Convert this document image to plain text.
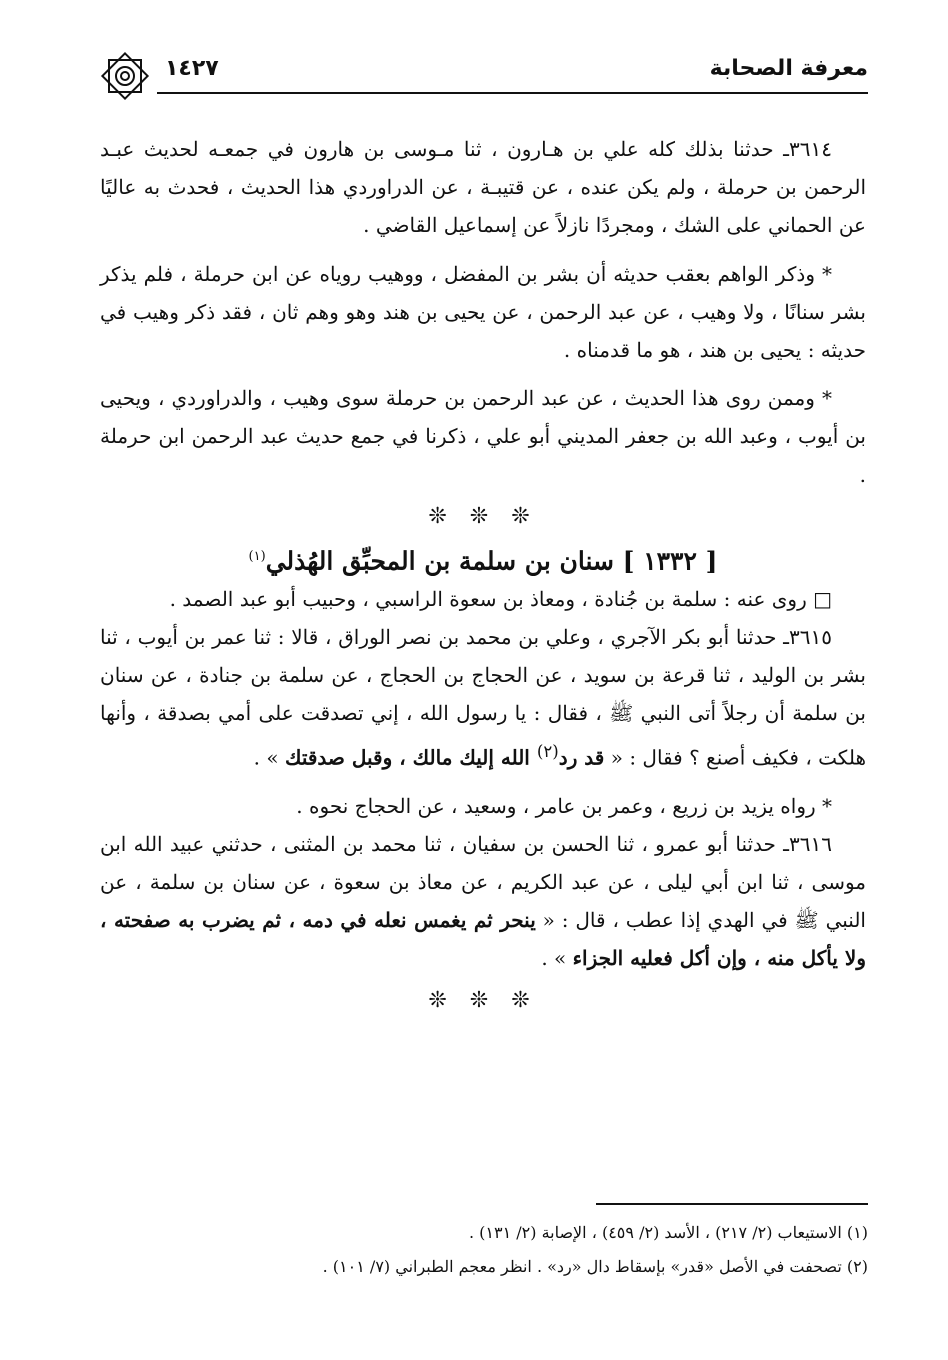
١٤٢٧	معرفة الصحابة

٣٦١٤ـ حدثنا بذلك كله علي بن هـارون ، ثنا مـوسى بن هارون في جمعـه لحديث عبـد الرحمن بن حرملة ، ولم يكن عنده ، عن قتيبـة ، عن الدراوردي هذا الحديث ، فحدث به عاليًا عن الحماني على الشك ، ومجردًا نازلاً عن إسماعيل القاضي .

* وذكر الواهم بعقب حديثه أن بشر بن المفضل ، ووهيب روياه عن ابن حرملة ، فلم يذكر بشر سنانًا ، ولا وهيب ، عن عبد الرحمن ، عن يحيى بن هند وهو وهم ثان ، فقد ذكر وهيب في حديثه : يحيى بن هند ، هو ما قدمناه .

* وممن روى هذا الحديث ، عن عبد الرحمن بن حرملة سوى وهيب ، والدراوردي ، ويحيى بن أيوب ، وعبد الله بن جعفر المديني أبو علي ، ذكرنا في جمع حديث عبد الرحمن ابن حرملة .

❊ ❊ ❊
[ ١٣٣٢ ] سنان بن سلمة بن المحبِّق الهُذلي$^{(١)}$

□ روى عنه : سلمة بن جُنادة ، ومعاذ بن سعوة الراسبي ، وحبيب أبو عبد الصمد .

٣٦١٥ـ حدثنا أبو بكر الآجري ، وعلي بن محمد بن نصر الوراق ، قالا : ثنا عمر بن أيوب ، ثنا بشر بن الوليد ، ثنا قرعة بن سويد ، عن الحجاج بن الحجاج ، عن سلمة بن جنادة ، عن سنان بن سلمة أن رجلاً أتى النبي ﷺ ، فقال : يا رسول الله ، إني تصدقت على أمي بصدقة ، وأنها هلكت ، فكيف أصنع ؟ فقال : « قد رد$^{(٢)}$ الله إليك مالك ، وقبل صدقتك » .

* رواه يزيد بن زريع ، وعمر بن عامر ، وسعيد ، عن الحجاج نحوه .

٣٦١٦ـ حدثنا أبو عمرو ، ثنا الحسن بن سفيان ، ثنا محمد بن المثنى ، حدثني عبيد الله ابن موسى ، ثنا ابن أبي ليلى ، عن عبد الكريم ، عن معاذ بن سعوة ، عن سنان بن سلمة ، عن النبي ﷺ في الهدي إذا عطب ، قال : « ينحر ثم يغمس نعله في دمه ، ثم يضرب به صفحته ، ولا يأكل منه ، وإن أكل فعليه الجزاء » .

❊ ❊ ❊

(١) الاستيعاب (٢/ ٢١٧) ، الأسد (٢/ ٤٥٩) ، الإصابة (٢/ ١٣١) .

(٢) تصحفت في الأصل «قدر» بإسقاط دال «رد» . انظر معجم الطبراني (٧/ ١٠١) .
